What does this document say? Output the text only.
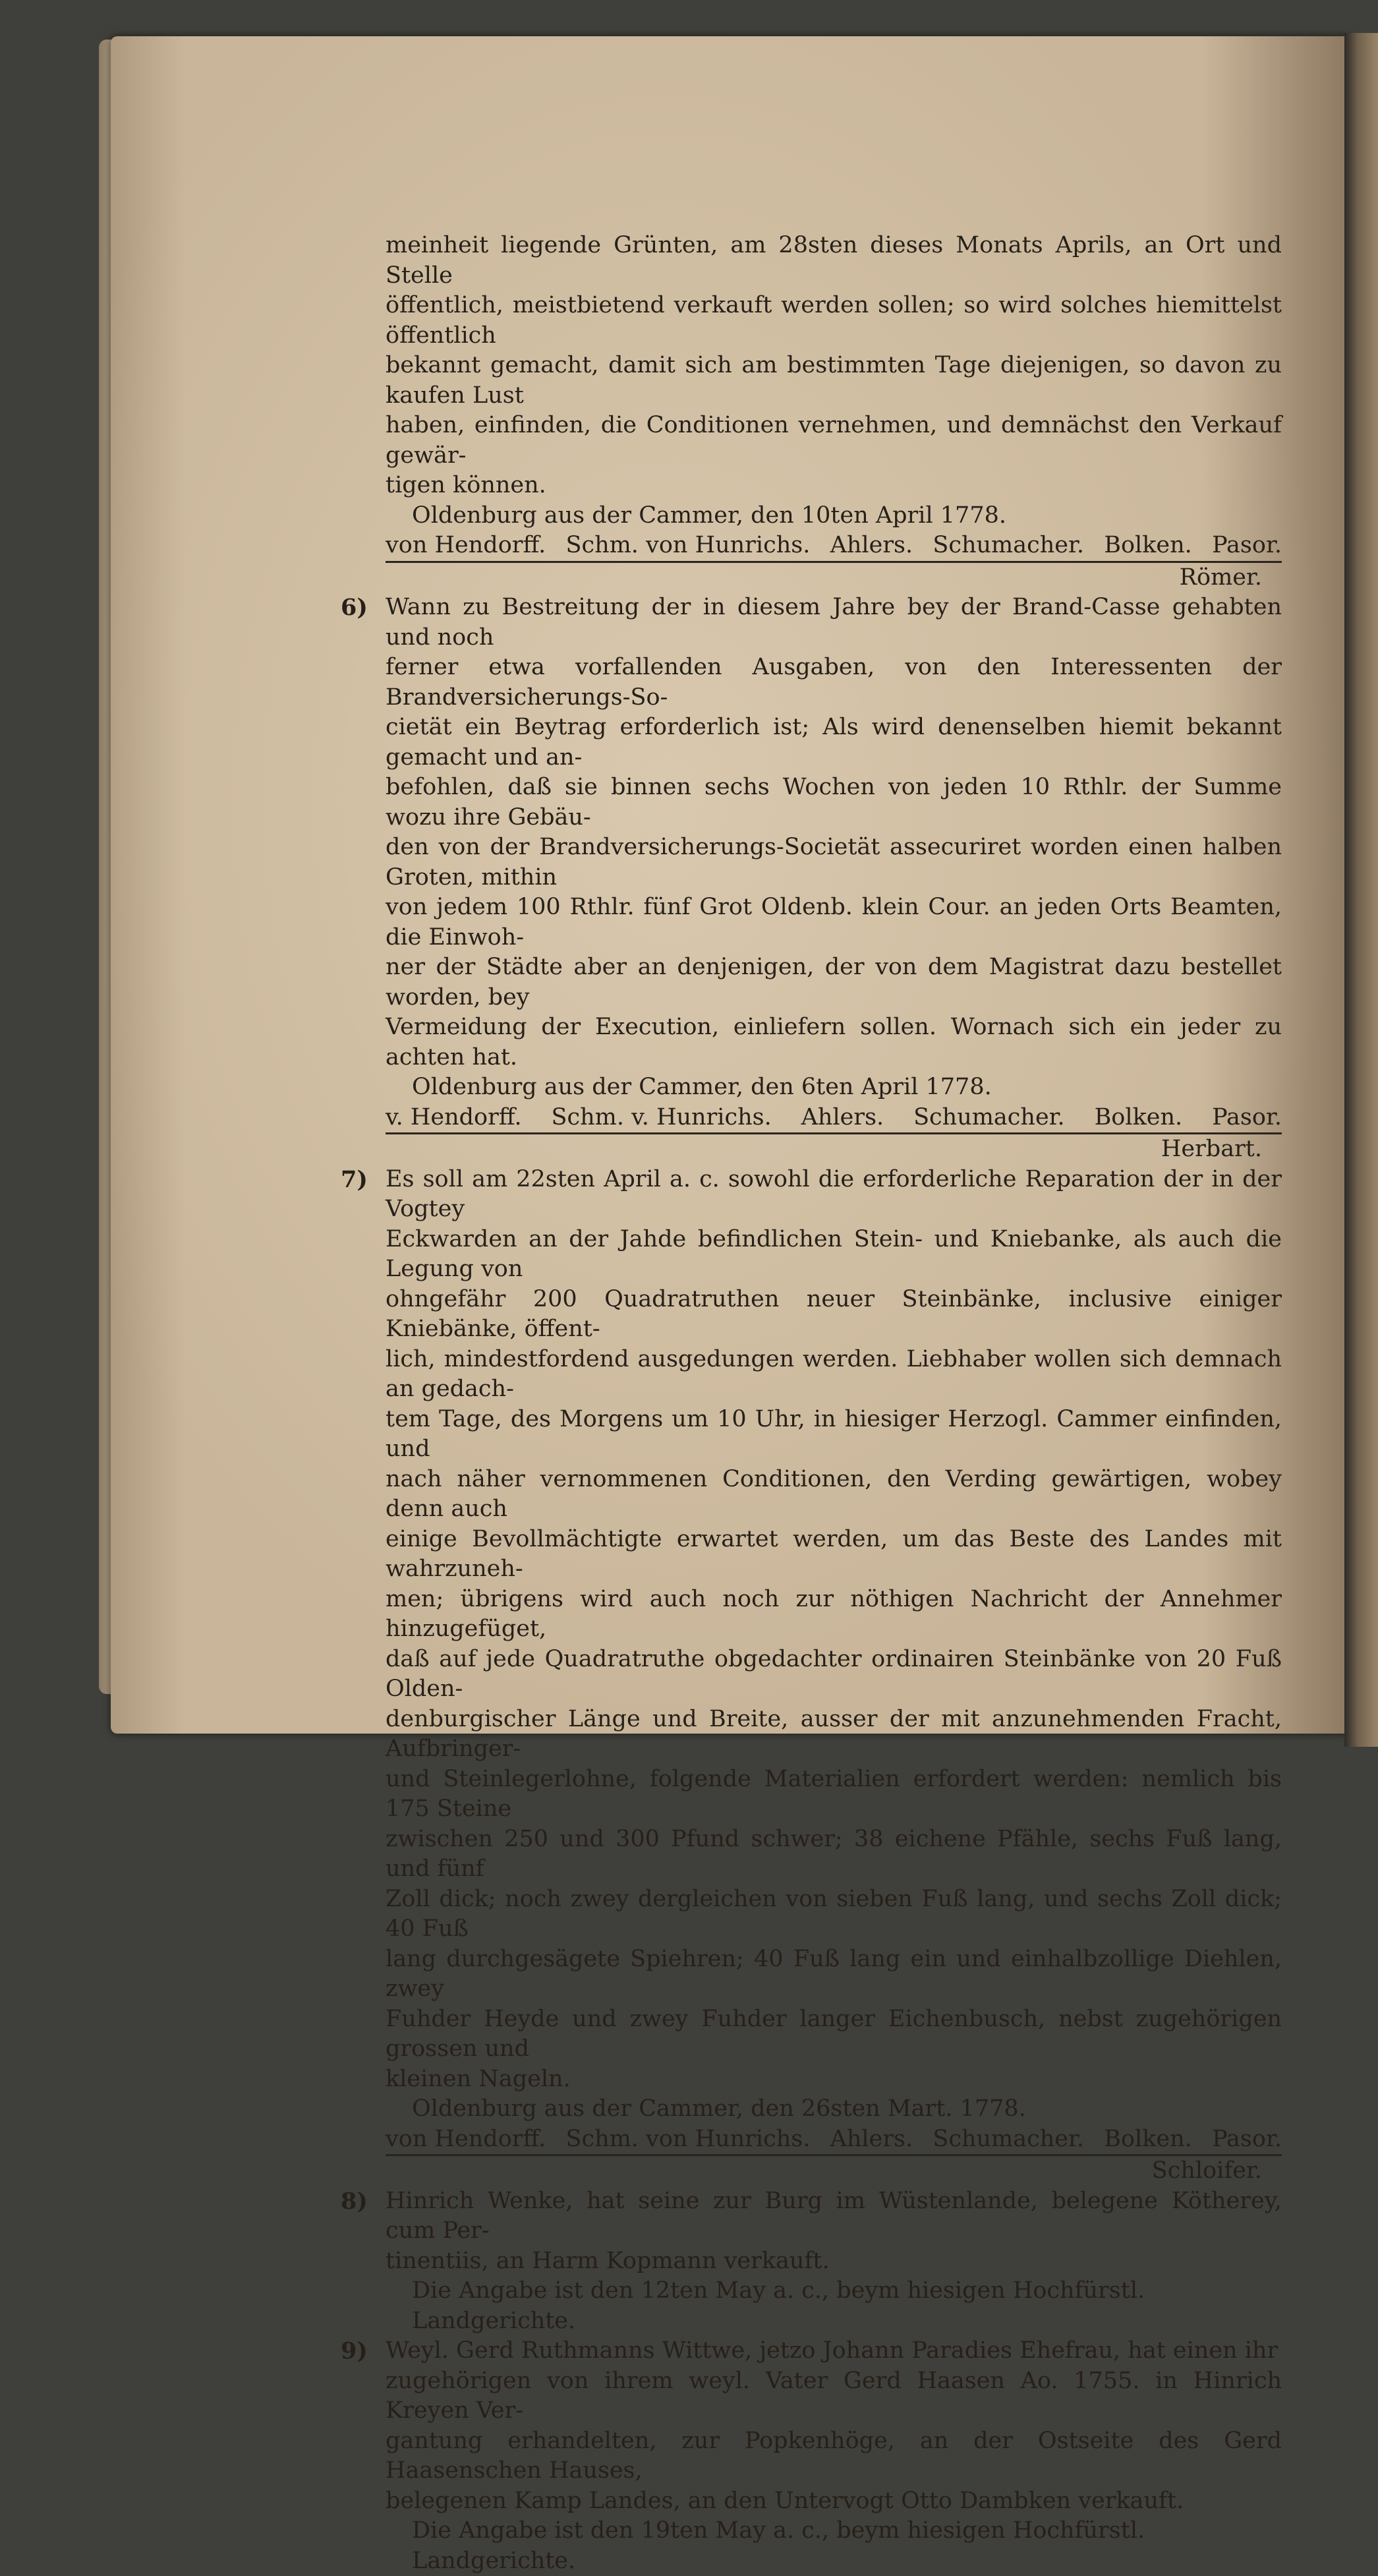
meinheit liegende Grünten, am 28sten dieses Monats Aprils, an Ort und Stelle
öffentlich, meistbietend verkauft werden sollen; so wird solches hiemittelst öffentlich
bekannt gemacht, damit sich am bestimmten Tage diejenigen, so davon zu kaufen Lust
haben, einfinden, die Conditionen vernehmen, und demnächst den Verkauf gewär-
tigen können.
Oldenburg aus der Cammer, den 10ten April 1778.
von Hendorff. Schm. von Hunrichs. Ahlers. Schumacher. Bolken. Pasor.
Römer.
6) Wann zu Bestreitung der in diesem Jahre bey der Brand-Casse gehabten und noch
ferner etwa vorfallenden Ausgaben, von den Interessenten der Brandversicherungs-So-
cietät ein Beytrag erforderlich ist; Als wird denenselben hiemit bekannt gemacht und an-
befohlen, daß sie binnen sechs Wochen von jeden 10 Rthlr. der Summe wozu ihre Gebäu-
den von der Brandversicherungs-Societät assecuriret worden einen halben Groten, mithin
von jedem 100 Rthlr. fünf Grot Oldenb. klein Cour. an jeden Orts Beamten, die Einwoh-
ner der Städte aber an denjenigen, der von dem Magistrat dazu bestellet worden, bey
Vermeidung der Execution, einliefern sollen. Wornach sich ein jeder zu achten hat.
Oldenburg aus der Cammer, den 6ten April 1778.
v. Hendorff. Schm. v. Hunrichs. Ahlers. Schumacher. Bolken. Pasor.
Herbart.
7) Es soll am 22sten April a. c. sowohl die erforderliche Reparation der in der Vogtey
Eckwarden an der Jahde befindlichen Stein- und Kniebanke, als auch die Legung von
ohngefähr 200 Quadratruthen neuer Steinbänke, inclusive einiger Kniebänke, öffent-
lich, mindestfordend ausgedungen werden. Liebhaber wollen sich demnach an gedach-
tem Tage, des Morgens um 10 Uhr, in hiesiger Herzogl. Cammer einfinden, und
nach näher vernommenen Conditionen, den Verding gewärtigen, wobey denn auch
einige Bevollmächtigte erwartet werden, um das Beste des Landes mit wahrzuneh-
men; übrigens wird auch noch zur nöthigen Nachricht der Annehmer hinzugefüget,
daß auf jede Quadratruthe obgedachter ordinairen Steinbänke von 20 Fuß Olden-
denburgischer Länge und Breite, ausser der mit anzunehmenden Fracht, Aufbringer-
und Steinlegerlohne, folgende Materialien erfordert werden: nemlich bis 175 Steine
zwischen 250 und 300 Pfund schwer; 38 eichene Pfähle, sechs Fuß lang, und fünf
Zoll dick; noch zwey dergleichen von sieben Fuß lang, und sechs Zoll dick; 40 Fuß
lang durchgesägete Spiehren; 40 Fuß lang ein und einhalbzollige Diehlen, zwey
Fuhder Heyde und zwey Fuhder langer Eichenbusch, nebst zugehörigen grossen und
kleinen Nageln.
Oldenburg aus der Cammer, den 26sten Mart. 1778.
von Hendorff. Schm. von Hunrichs. Ahlers. Schumacher. Bolken. Pasor.
Schloifer.
8) Hinrich Wenke, hat seine zur Burg im Wüstenlande, belegene Kötherey, cum Per-
tinentiis, an Harm Kopmann verkauft.
Die Angabe ist den 12ten May a. c., beym hiesigen Hochfürstl. Landgerichte.
9) Weyl. Gerd Ruthmanns Wittwe, jetzo Johann Paradies Ehefrau, hat einen ihr
zugehörigen von ihrem weyl. Vater Gerd Haasen Ao. 1755. in Hinrich Kreyen Ver-
gantung erhandelten, zur Popkenhöge, an der Ostseite des Gerd Haasenschen Hauses,
belegenen Kamp Landes, an den Untervogt Otto Dambken verkauft.
Die Angabe ist den 19ten May a. c., beym hiesigen Hochfürstl. Landgerichte.
